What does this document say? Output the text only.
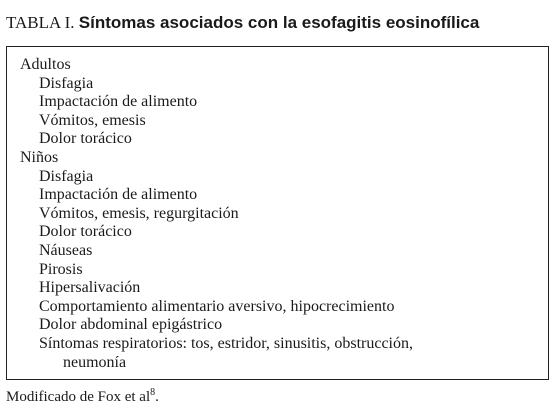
TABLA I. Síntomas asociados con la esofagitis eosinofílica
Adultos
Disfagia
Impactación de alimento
Vómitos, emesis
Dolor torácico
Niños
Disfagia
Impactación de alimento
Vómitos, emesis, regurgitación
Dolor torácico
Náuseas
Pirosis
Hipersalivación
Comportamiento alimentario aversivo, hipocrecimiento
Dolor abdominal epigástrico
Síntomas respiratorios: tos, estridor, sinusitis, obstrucción,
neumonía
Modificado de Fox et $al^8$.
